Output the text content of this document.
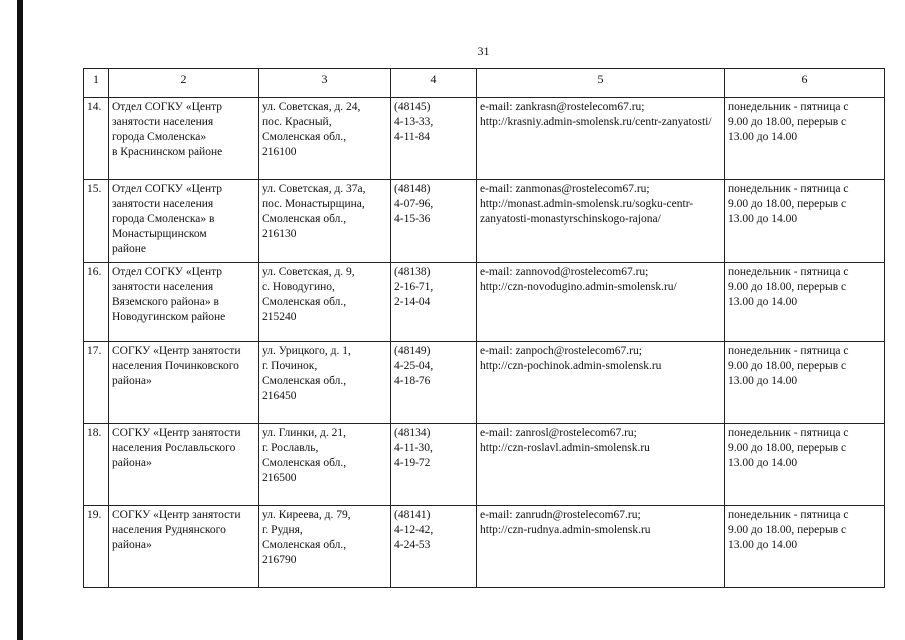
31
1	2	3	4	5	6
14.	Отдел СОГКУ «Центр
занятости населения
города Смоленска»
в Краснинском районе	ул. Советская, д. 24,
пос. Красный,
Смоленская обл.,
216100	(48145)
4-13-33,
4-11-84	e-mail: zankrasn@rostelecom67.ru;
http://krasniy.admin-smolensk.ru/centr-zanyatosti/	понедельник - пятница с
9.00 до 18.00, перерыв с
13.00 до 14.00
15.	Отдел СОГКУ «Центр
занятости населения
города Смоленска» в
Монастырщинском
районе	ул. Советская, д. 37а,
пос. Монастырщина,
Смоленская обл.,
216130	(48148)
4-07-96,
4-15-36	e-mail: zanmonas@rostelecom67.ru;
http://monast.admin-smolensk.ru/sogku-centr-
zanyatosti-monastyrschinskogo-rajona/	понедельник - пятница с
9.00 до 18.00, перерыв с
13.00 до 14.00
16.	Отдел СОГКУ «Центр
занятости населения
Вяземского района» в
Новодугинском районе	ул. Советская, д. 9,
с. Новодугино,
Смоленская обл.,
215240	(48138)
2-16-71,
2-14-04	e-mail: zannovod@rostelecom67.ru;
http://czn-novodugino.admin-smolensk.ru/	понедельник - пятница с
9.00 до 18.00, перерыв с
13.00 до 14.00
17.	СОГКУ «Центр занятости
населения Починковского
района»	ул. Урицкого, д. 1,
г. Починок,
Смоленская обл.,
216450	(48149)
4-25-04,
4-18-76	e-mail: zanpoch@rostelecom67.ru;
http://czn-pochinok.admin-smolensk.ru	понедельник - пятница с
9.00 до 18.00, перерыв с
13.00 до 14.00
18.	СОГКУ «Центр занятости
населения Рославльского
района»	ул. Глинки, д. 21,
г. Рославль,
Смоленская обл.,
216500	(48134)
4-11-30,
4-19-72	e-mail: zanrosl@rostelecom67.ru;
http://czn-roslavl.admin-smolensk.ru	понедельник - пятница с
9.00 до 18.00, перерыв с
13.00 до 14.00
19.	СОГКУ «Центр занятости
населения Руднянского
района»	ул. Киреева, д. 79,
г. Рудня,
Смоленская обл.,
216790	(48141)
4-12-42,
4-24-53	e-mail: zanrudn@rostelecom67.ru;
http://czn-rudnya.admin-smolensk.ru	понедельник - пятница с
9.00 до 18.00, перерыв с
13.00 до 14.00
